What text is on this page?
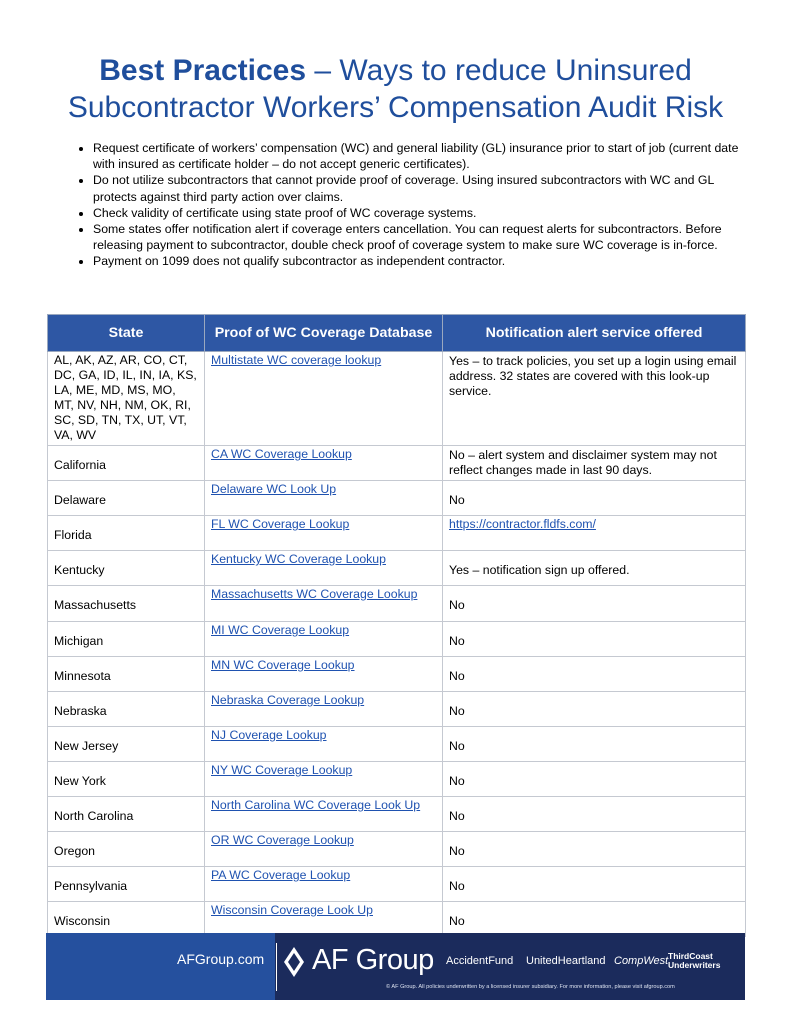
Best Practices – Ways to reduce Uninsured
Subcontractor Workers’ Compensation Audit Risk
• Request certificate of workers’ compensation (WC) and general liability (GL) insurance prior to start of job (current date with insured as certificate holder – do not accept generic certificates).
• Do not utilize subcontractors that cannot provide proof of coverage. Using insured subcontractors with WC and GL protects against third party action over claims.
• Check validity of certificate using state proof of WC coverage systems.
• Some states offer notification alert if coverage enters cancellation. You can request alerts for subcontractors. Before releasing payment to subcontractor, double check proof of coverage system to make sure WC coverage is in-force.
• Payment on 1099 does not qualify subcontractor as independent contractor.
State	Proof of WC Coverage Database	Notification alert service offered
AL, AK, AZ, AR, CO, CT, DC, GA, ID, IL, IN, IA, KS, LA, ME, MD, MS, MO, MT, NV, NH, NM, OK, RI, SC, SD, TN, TX, UT, VT, VA, WV	Multistate WC coverage lookup	Yes – to track policies, you set up a login using email address. 32 states are covered with this look-up service.
California	CA WC Coverage Lookup	No – alert system and disclaimer system may not reflect changes made in last 90 days.
Delaware	Delaware WC Look Up	No
Florida	FL WC Coverage Lookup	https://contractor.fldfs.com/
Kentucky	Kentucky WC Coverage Lookup	Yes – notification sign up offered.
Massachusetts	Massachusetts WC Coverage Lookup	No
Michigan	MI WC Coverage Lookup	No
Minnesota	MN WC Coverage Lookup	No
Nebraska	Nebraska Coverage Lookup	No
New Jersey	NJ Coverage Lookup	No
New York	NY WC Coverage Lookup	No
North Carolina	North Carolina WC Coverage Look Up	No
Oregon	OR WC Coverage Lookup	No
Pennsylvania	PA WC Coverage Lookup	No
Wisconsin	Wisconsin Coverage Look Up	No
AFGroup.com AF Group AccidentFund UnitedHeartland CompWest ThirdCoast Underwriters
© AF Group. All policies underwritten by a licensed insurer subsidiary. For more information, please visit afgroup.com
